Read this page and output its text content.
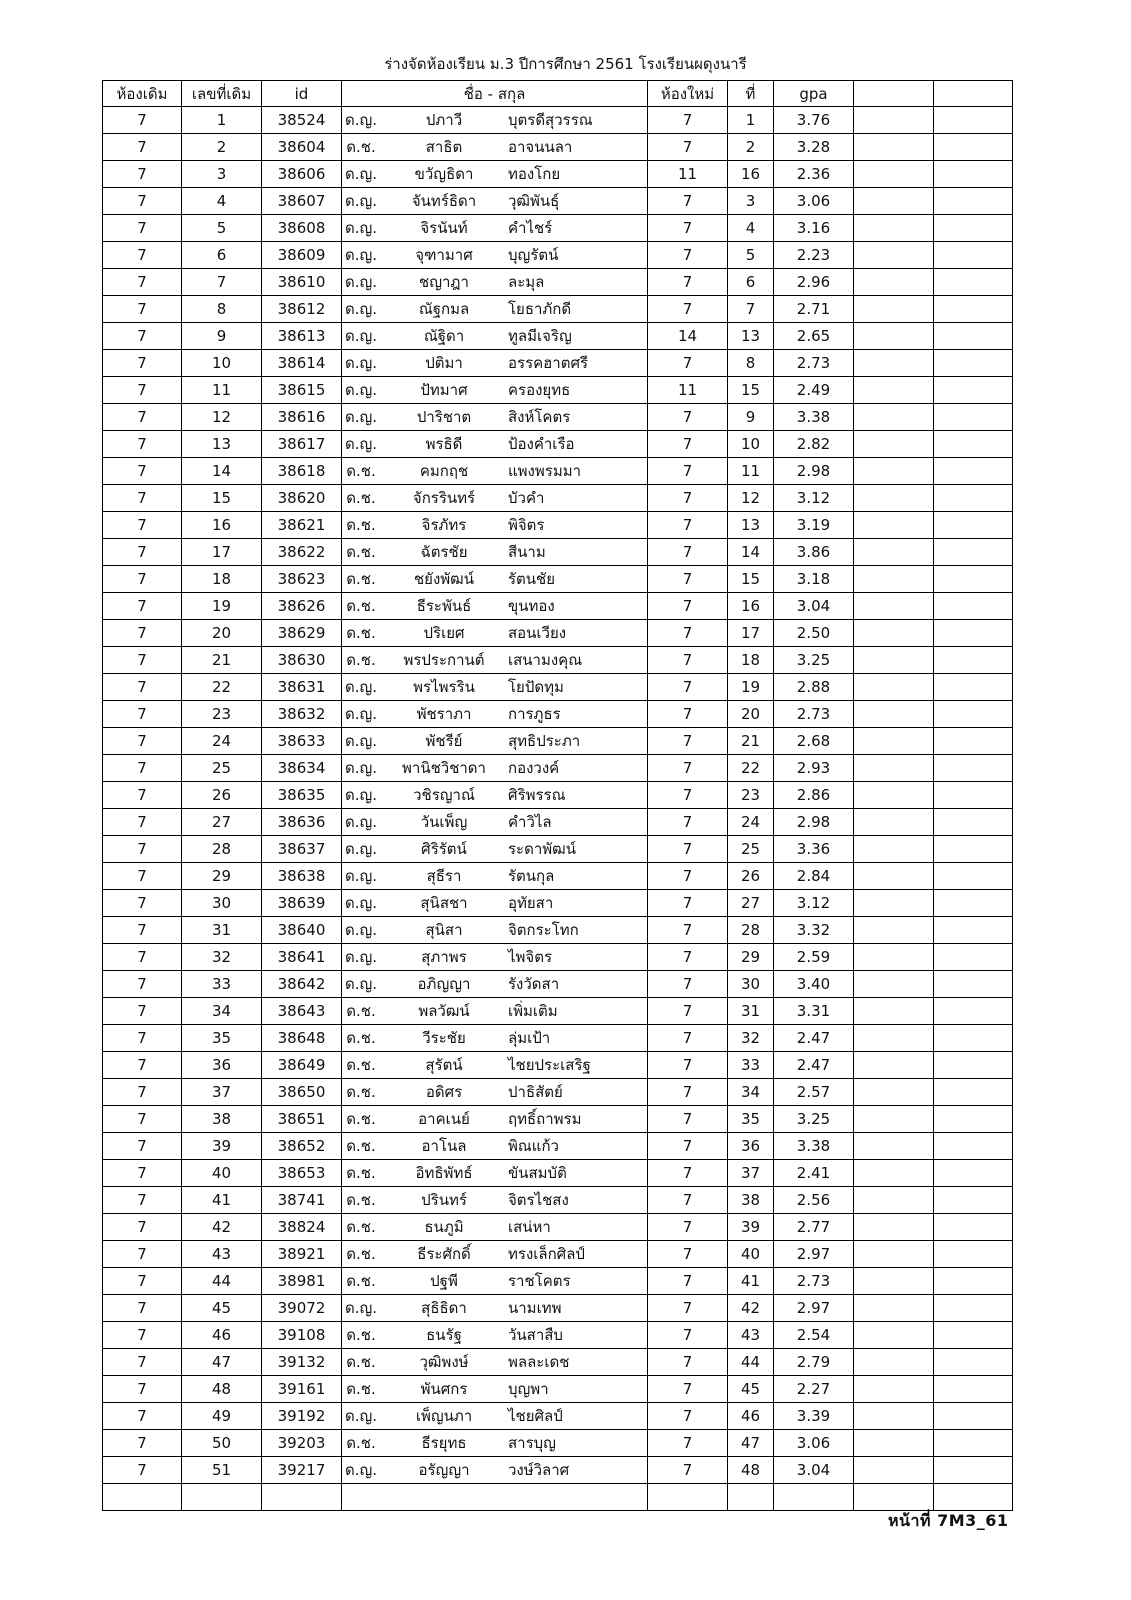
ร่างจัดห้องเรียน ม.3 ปีการศึกษา 2561 โรงเรียนผดุงนารี
ห้องเดิม	เลขที่เดิม	id	ชื่อ - สกุล	ห้องใหม่	ที่	gpa		
7	1	38524	ด.ญ. ปภาวี บุตรดีสุวรรณ	7	1	3.76		
7	2	38604	ด.ช. สาธิต อาจนนลา	7	2	3.28		
7	3	38606	ด.ญ. ขวัญธิดา ทองโกย	11	16	2.36		
7	4	38607	ด.ญ. จันทร์ธิดา วุฒิพันธุ์	7	3	3.06		
7	5	38608	ด.ญ. จิรนันท์ คำไชร์	7	4	3.16		
7	6	38609	ด.ญ. จุฑามาศ บุญรัตน์	7	5	2.23		
7	7	38610	ด.ญ. ชญาฎา ละมุล	7	6	2.96		
7	8	38612	ด.ญ. ณัฐกมล โยธาภักดี	7	7	2.71		
7	9	38613	ด.ญ. ณัฐิดา ทูลมีเจริญ	14	13	2.65		
7	10	38614	ด.ญ. ปติมา อรรคฮาตศรี	7	8	2.73		
7	11	38615	ด.ญ. ปัทมาศ ครองยุทธ	11	15	2.49		
7	12	38616	ด.ญ. ปาริชาต สิงห์โคตร	7	9	3.38		
7	13	38617	ด.ญ. พรธิดี ป้องคำเรือ	7	10	2.82		
7	14	38618	ด.ช. คมกฤช แพงพรมมา	7	11	2.98		
7	15	38620	ด.ช. จักรรินทร์ บัวคำ	7	12	3.12		
7	16	38621	ด.ช. จิรภัทร พิจิตร	7	13	3.19		
7	17	38622	ด.ช. ฉัตรชัย สีนาม	7	14	3.86		
7	18	38623	ด.ช. ชยังพัฒน์ รัตนชัย	7	15	3.18		
7	19	38626	ด.ช. ธีระพันธ์ ขุนทอง	7	16	3.04		
7	20	38629	ด.ช. ปริเยศ สอนเวียง	7	17	2.50		
7	21	38630	ด.ช. พรประกานต์ เสนามงคุณ	7	18	3.25		
7	22	38631	ด.ญ. พรไพรริน โยปัดทุม	7	19	2.88		
7	23	38632	ด.ญ. พัชราภา การภูธร	7	20	2.73		
7	24	38633	ด.ญ. พัชรีย์ สุทธิประภา	7	21	2.68		
7	25	38634	ด.ญ. พานิชวิชาดา กองวงค์	7	22	2.93		
7	26	38635	ด.ญ. วชิรญาณ์ ศิริพรรณ	7	23	2.86		
7	27	38636	ด.ญ. วันเพ็ญ คำวิไล	7	24	2.98		
7	28	38637	ด.ญ. ศิริรัตน์ ระดาพัฒน์	7	25	3.36		
7	29	38638	ด.ญ. สุธีรา รัตนกุล	7	26	2.84		
7	30	38639	ด.ญ. สุนิสชา อุทัยสา	7	27	3.12		
7	31	38640	ด.ญ. สุนิสา จิตกระโทก	7	28	3.32		
7	32	38641	ด.ญ. สุภาพร ไพจิตร	7	29	2.59		
7	33	38642	ด.ญ. อภิญญา รังวัดสา	7	30	3.40		
7	34	38643	ด.ช. พลวัฒน์ เพิ่มเติม	7	31	3.31		
7	35	38648	ด.ช. วีระชัย ลุ่มเป้า	7	32	2.47		
7	36	38649	ด.ช. สุรัตน์ ไชยประเสริฐ	7	33	2.47		
7	37	38650	ด.ช. อดิศร ปาธิสัตย์	7	34	2.57		
7	38	38651	ด.ช. อาคเนย์ ฤทธิ์ถาพรม	7	35	3.25		
7	39	38652	ด.ช. อาโนล พิณแก้ว	7	36	3.38		
7	40	38653	ด.ช. อิทธิพัทธ์ ขันสมบัติ	7	37	2.41		
7	41	38741	ด.ช. ปรินทร์ จิตรไชสง	7	38	2.56		
7	42	38824	ด.ช. ธนภูมิ เสน่หา	7	39	2.77		
7	43	38921	ด.ช. ธีระศักดิ์ ทรงเล็กศิลป์	7	40	2.97		
7	44	38981	ด.ช. ปฐพี ราชโคตร	7	41	2.73		
7	45	39072	ด.ญ. สุธิธิดา นามเทพ	7	42	2.97		
7	46	39108	ด.ช. ธนรัฐ วันสาสืบ	7	43	2.54		
7	47	39132	ด.ช. วุฒิพงษ์ พลละเดช	7	44	2.79		
7	48	39161	ด.ช. พันศกร บุญพา	7	45	2.27		
7	49	39192	ด.ญ. เพ็ญนภา ไชยศิลป์	7	46	3.39		
7	50	39203	ด.ช. ธีรยุทธ สารบุญ	7	47	3.06		
7	51	39217	ด.ญ. อรัญญา วงษ์วิลาศ	7	48	3.04		

หน้าที่ 7M3_61
